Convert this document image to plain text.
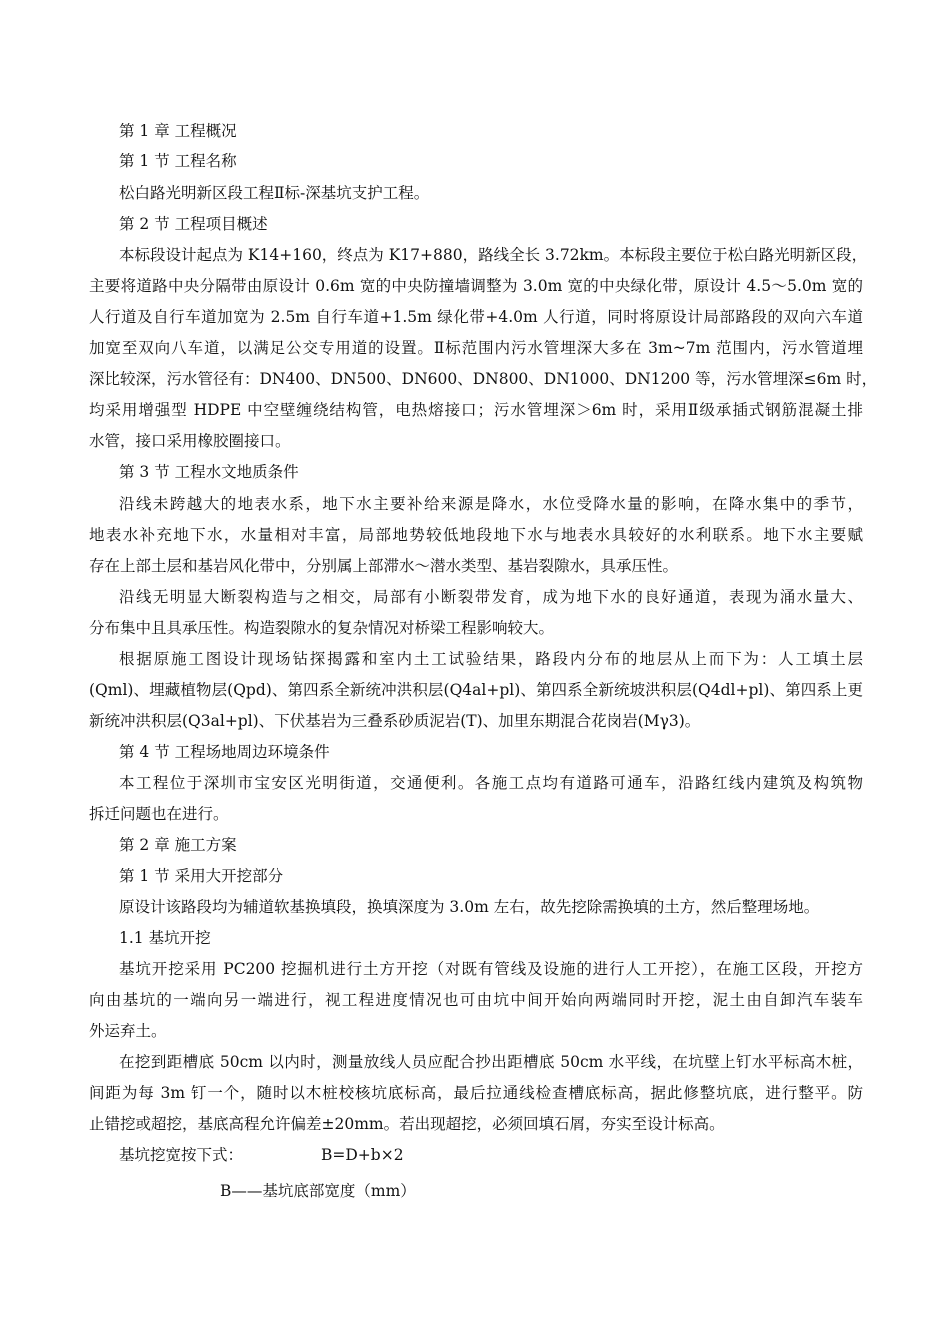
第 1 章 工程概况
第 1 节 工程名称
松白路光明新区段工程Ⅱ标-深基坑支护工程。
第 2 节 工程项目概述
本标段设计起点为 K14+160，终点为 K17+880，路线全长 3.72km。本标段主要位于松白路光明新区段，
主要将道路中央分隔带由原设计 0.6m 宽的中央防撞墙调整为 3.0m 宽的中央绿化带，原设计 4.5～5.0m 宽的
人行道及自行车道加宽为 2.5m 自行车道+1.5m 绿化带+4.0m 人行道，同时将原设计局部路段的双向六车道
加宽至双向八车道，以满足公交专用道的设置。Ⅱ标范围内污水管埋深大多在 3m~7m 范围内，污水管道埋
深比较深，污水管径有：DN400、DN500、DN600、DN800、DN1000、DN1200 等，污水管埋深≤6m 时，
均采用增强型 HDPE 中空壁缠绕结构管，电热熔接口；污水管埋深＞6m 时，采用Ⅱ级承插式钢筋混凝土排
水管，接口采用橡胶圈接口。
第 3 节 工程水文地质条件
沿线未跨越大的地表水系，地下水主要补给来源是降水，水位受降水量的影响，在降水集中的季节，
地表水补充地下水，水量相对丰富，局部地势较低地段地下水与地表水具较好的水利联系。地下水主要赋
存在上部土层和基岩风化带中，分别属上部滞水～潜水类型、基岩裂隙水，具承压性。
沿线无明显大断裂构造与之相交，局部有小断裂带发育，成为地下水的良好通道，表现为涌水量大、
分布集中且具承压性。构造裂隙水的复杂情况对桥梁工程影响较大。
根据原施工图设计现场钻探揭露和室内土工试验结果，路段内分布的地层从上而下为：人工填土层
(Qml)、埋藏植物层(Qpd)、第四系全新统冲洪积层(Q4al+pl)、第四系全新统坡洪积层(Q4dl+pl)、第四系上更
新统冲洪积层(Q3al+pl)、下伏基岩为三叠系砂质泥岩(T)、加里东期混合花岗岩(Mγ3)。
第 4 节 工程场地周边环境条件
本工程位于深圳市宝安区光明街道，交通便利。各施工点均有道路可通车，沿路红线内建筑及构筑物
拆迁问题也在进行。
第 2 章 施工方案
第 1 节 采用大开挖部分
原设计该路段均为辅道软基换填段，换填深度为 3.0m 左右，故先挖除需换填的土方，然后整理场地。
1.1 基坑开挖
基坑开挖采用 PC200 挖掘机进行土方开挖（对既有管线及设施的进行人工开挖），在施工区段，开挖方
向由基坑的一端向另一端进行，视工程进度情况也可由坑中间开始向两端同时开挖，泥土由自卸汽车装车
外运弃土。
在挖到距槽底 50cm 以内时，测量放线人员应配合抄出距槽底 50cm 水平线，在坑壁上钉水平标高木桩，
间距为每 3m 钉一个，随时以木桩校核坑底标高，最后拉通线检查槽底标高，据此修整坑底，进行整平。防
止错挖或超挖，基底高程允许偏差±20mm。若出现超挖，必须回填石屑，夯实至设计标高。
基坑挖宽按下式：	B=D+b×2
B——基坑底部宽度（mm）
